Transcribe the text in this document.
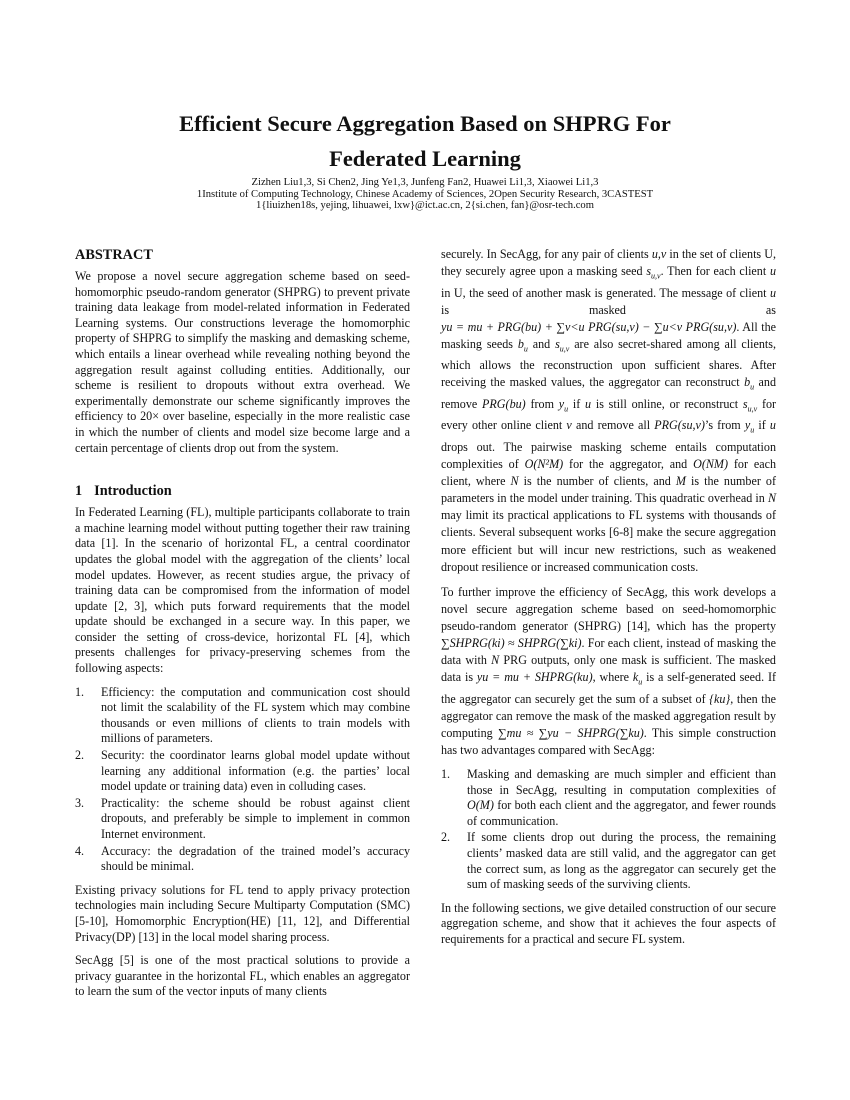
Efficient Secure Aggregation Based on SHPRG For
Federated Learning
Zizhen Liu1,3, Si Chen2, Jing Ye1,3, Junfeng Fan2, Huawei Li1,3, Xiaowei Li1,3
1Institute of Computing Technology, Chinese Academy of Sciences, 2Open Security Research, 3CASTEST
1{liuizhen18s, yejing, lihuawei, lxw}@ict.ac.cn, 2{si.chen, fan}@osr-tech.com
ABSTRACT

We propose a novel secure aggregation scheme based on seed-homomorphic pseudo-random generator (SHPRG) to prevent private training data leakage from model-related information in Federated Learning systems. Our constructions leverage the homomorphic property of SHPRG to simplify the masking and demasking scheme, which entails a linear overhead while revealing nothing beyond the aggregation result against colluding entities. Additionally, our scheme is resilient to dropouts without extra overhead. We experimentally demonstrate our scheme significantly improves the efficiency to 20× over baseline, especially in the more realistic case in which the number of clients and model size become large and a certain percentage of clients drop out from the system.

1 Introduction

In Federated Learning (FL), multiple participants collaborate to train a machine learning model without putting together their raw training data [1]. In the scenario of horizontal FL, a central coordinator updates the global model with the aggregation of the clients’ local model updates. However, as recent studies argue, the privacy of training data can be compromised from the information of model update [2, 3], which puts forward requirements that the model update should be exchanged in a secure way. In this paper, we consider the setting of cross-device, horizontal FL [4], which presents challenges for privacy-preserving schemes from the following aspects:

1. Efficiency: the computation and communication cost should not limit the scalability of the FL system which may combine thousands or even millions of clients to train models with millions of parameters.
2. Security: the coordinator learns global model update without learning any additional information (e.g. the parties’ local model update or training data) even in colluding cases.
3. Practicality: the scheme should be robust against client dropouts, and preferably be simple to implement in common Internet environment.
4. Accuracy: the degradation of the trained model’s accuracy should be minimal.

Existing privacy solutions for FL tend to apply privacy protection technologies main including Secure Multiparty Computation (SMC) [5-10], Homomorphic Encryption(HE) [11, 12], and Differential Privacy(DP) [13] in the local model sharing process.

SecAgg [5] is one of the most practical solutions to provide a privacy guarantee in the horizontal FL, which enables an aggregator to learn the sum of the vector inputs of many clients

securely. In SecAgg, for any pair of clients u,v in the set of clients U, they securely agree upon a masking seed $s_{u,v}$. Then for each client u in U, the seed of another mask is generated. The message of client u is masked as yu = mu + PRG(bu) + ∑v<u PRG(su,v) − ∑u<v PRG(su,v). All the masking seeds $b_u$ and $s_{u,v}$ are also secret-shared among all clients, which allows the reconstruction upon sufficient shares. After receiving the masked values, the aggregator can reconstruct $b_u$ and remove PRG(bu) from $y_u$ if u is still online, or reconstruct $s_{u,v}$ for every other online client v and remove all PRG(su,v)’s from $y_u$ if u drops out. The pairwise masking scheme entails computation complexities of O(N²M) for the aggregator, and O(NM) for each client, where N is the number of clients, and M is the number of parameters in the model under training. This quadratic overhead in N may limit its practical applications to FL systems with thousands of clients. Several subsequent works [6-8] make the secure aggregation more efficient but will incur new restrictions, such as weakened dropout resilience or increased communication costs.

To further improve the efficiency of SecAgg, this work develops a novel secure aggregation scheme based on seed-homomorphic pseudo-random generator (SHPRG) [14], which has the property ∑SHPRG(ki) ≈ SHPRG(∑ki). For each client, instead of masking the data with N PRG outputs, only one mask is sufficient. The masked data is yu = mu + SHPRG(ku), where $k_u$ is a self-generated seed. If the aggregator can securely get the sum of a subset of {ku}, then the aggregator can remove the mask of the masked aggregation result by computing ∑mu ≈ ∑yu − SHPRG(∑ku). This simple construction has two advantages compared with SecAgg:

1. Masking and demasking are much simpler and efficient than those in SecAgg, resulting in computation complexities of O(M) for both each client and the aggregator, and fewer rounds of communication.
2. If some clients drop out during the process, the remaining clients’ masked data are still valid, and the aggregator can get the correct sum, as long as the aggregator can securely get the sum of masking seeds of the surviving clients.

In the following sections, we give detailed construction of our secure aggregation scheme, and show that it achieves the four aspects of requirements for a practical and secure FL system.
